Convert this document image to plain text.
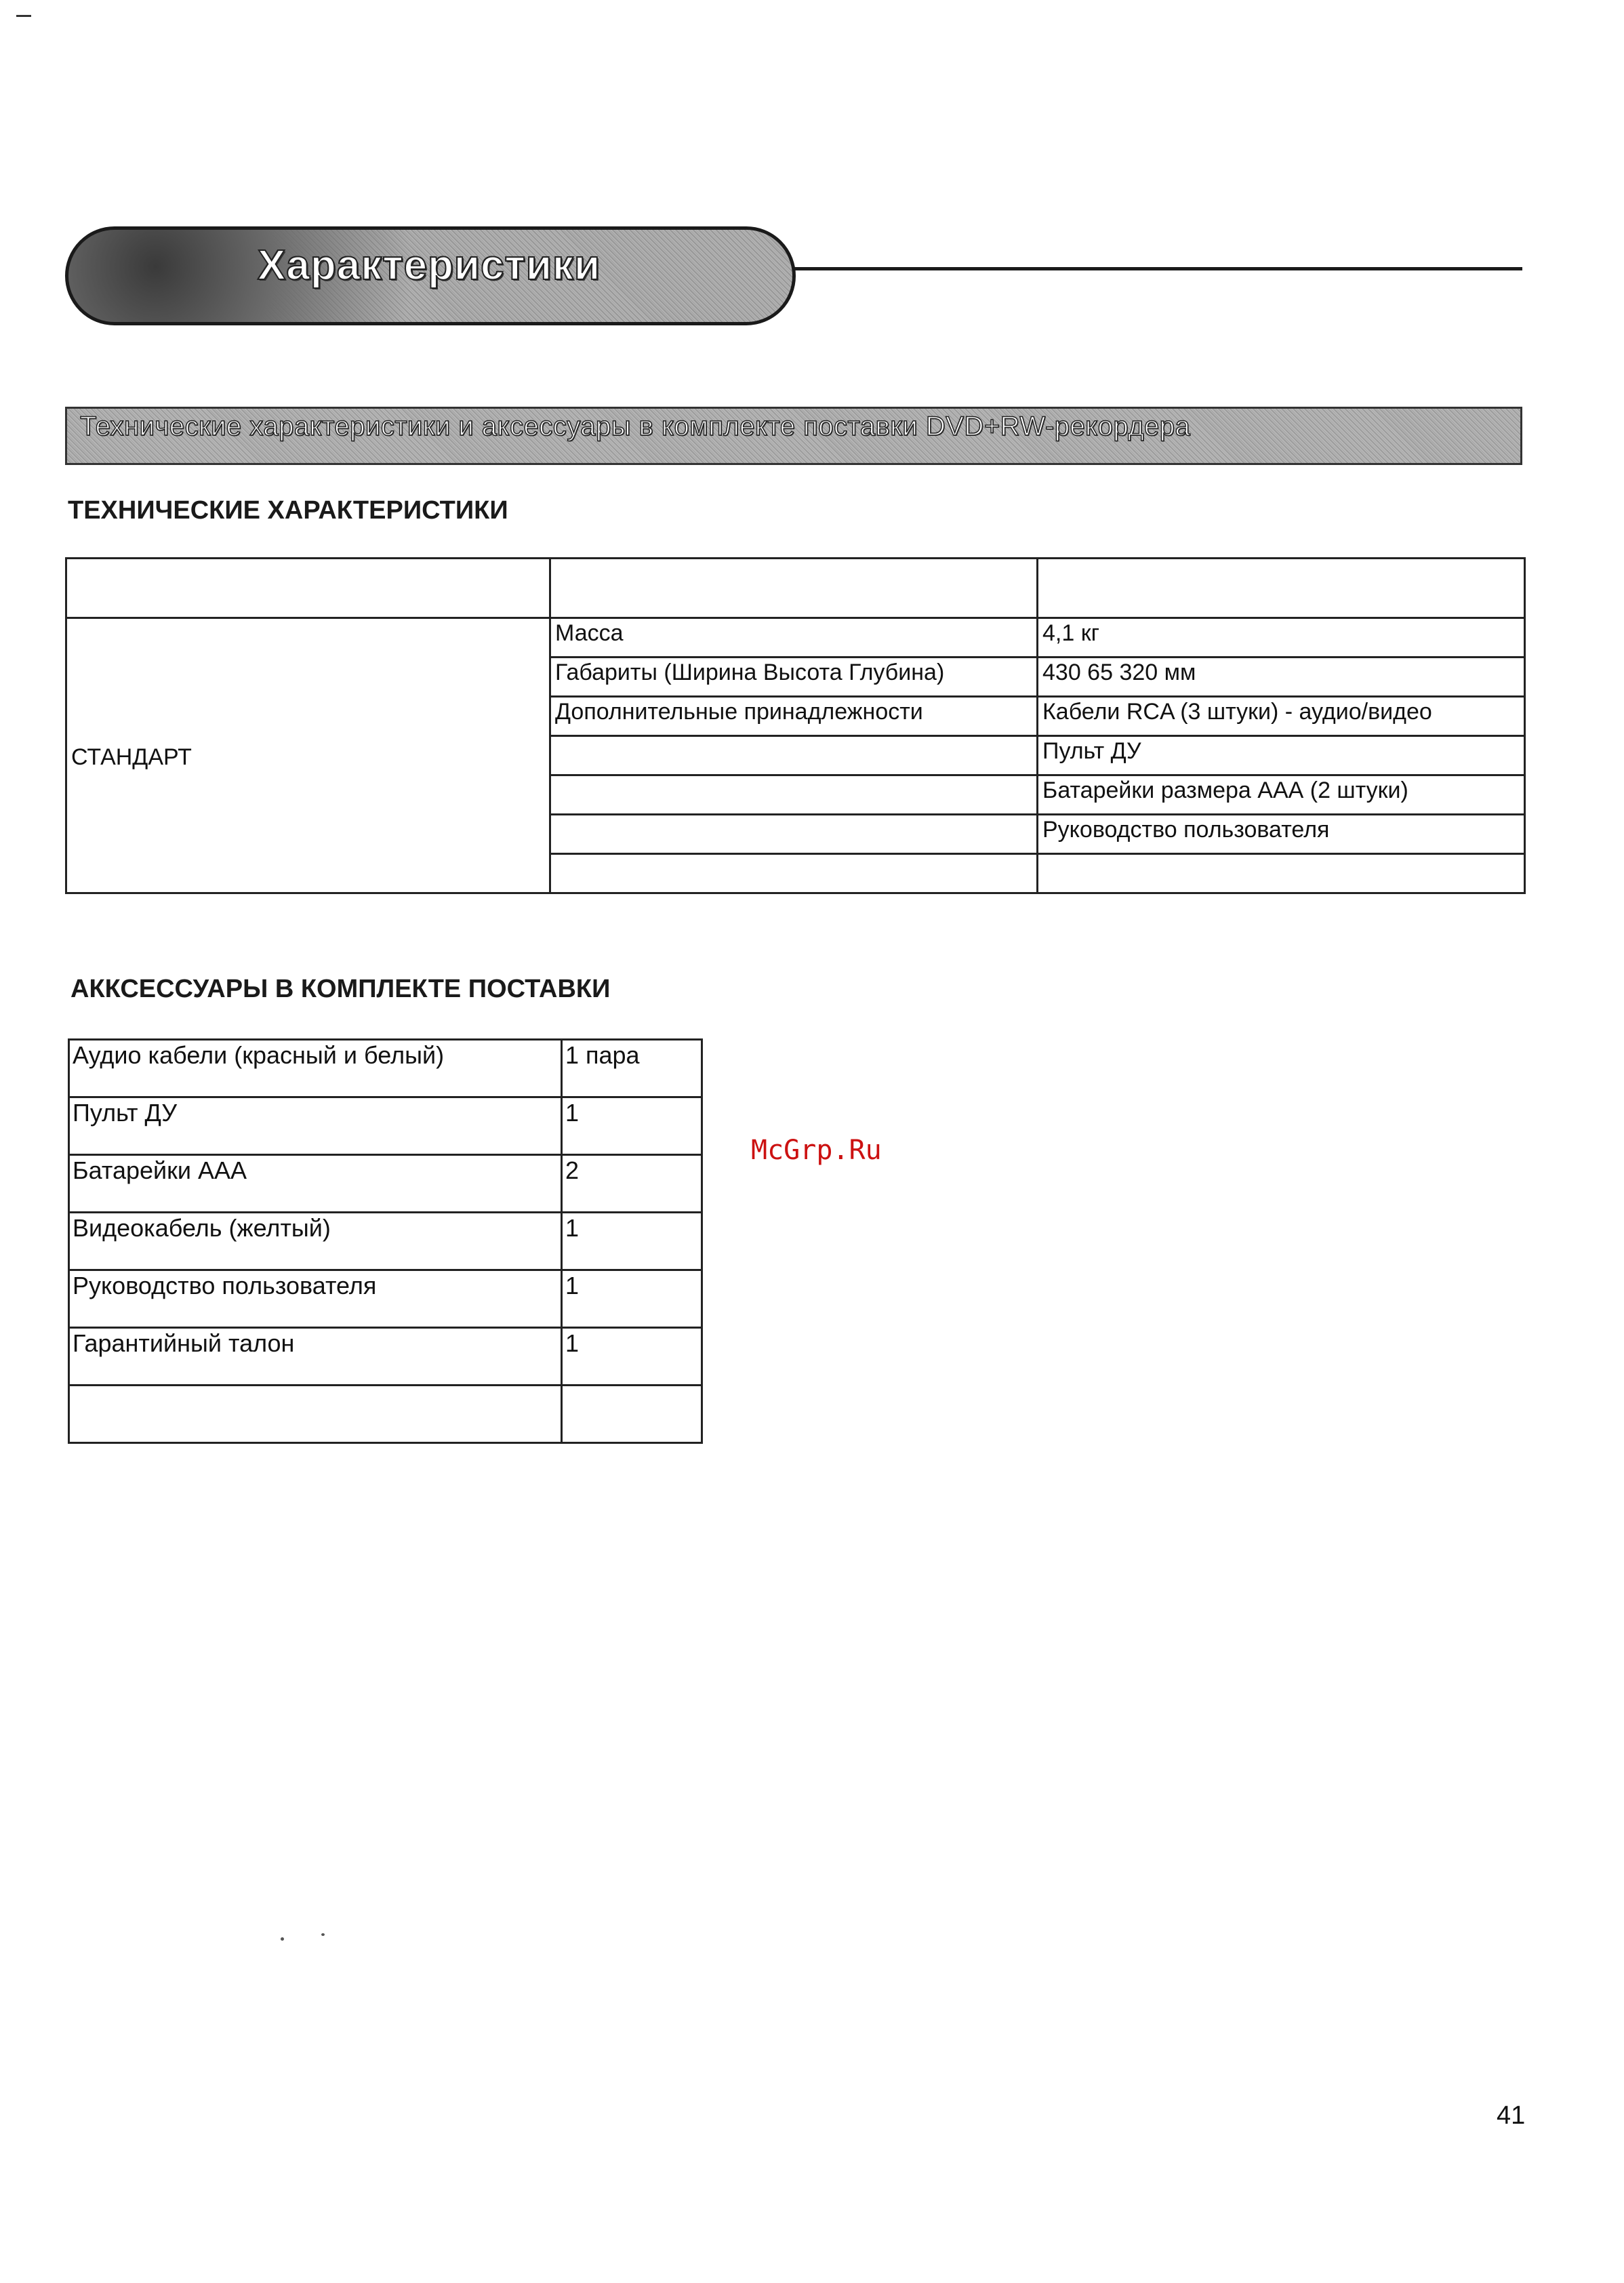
Характеристики
Технические характеристики и аксессуары в комплекте поставки DVD+RW-рекордера
ТЕХНИЧЕСКИЕ ХАРАКТЕРИСТИКИ

СТАНДАРТ	Масса	4,1 кг
	Габариты (Ширина Высота Глубина)	430 65 320 мм
	Дополнительные принадлежности	Кабели RCA (3 штуки) - аудио/видео
		Пульт ДУ
		Батарейки размера ААА (2 штуки)
		Руководство пользователя

АККСЕССУАРЫ В КОМПЛЕКТЕ ПОСТАВКИ
Аудио кабели (красный и белый)	1 пара
Пульт ДУ	1
Батарейки ААА	2
Видеокабель (желтый)	1
Руководство пользователя	1
Гарантийный талон	1

McGrp.Ru
41
